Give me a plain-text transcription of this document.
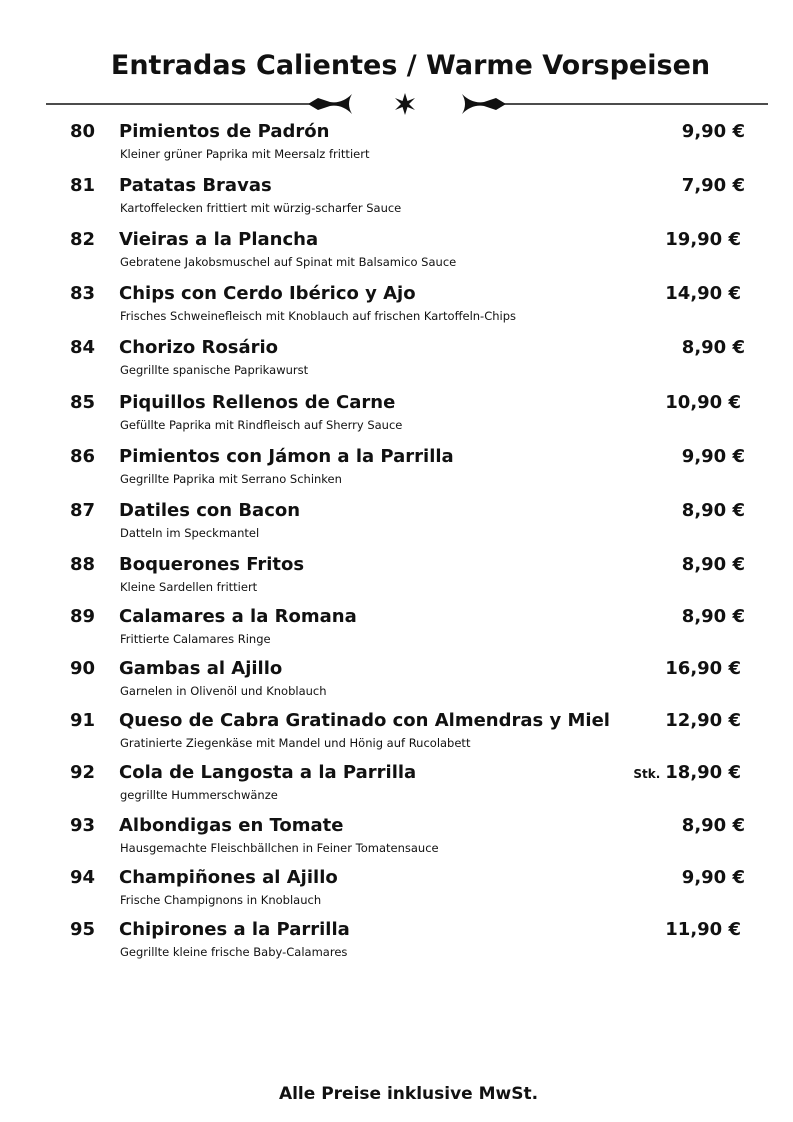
Entradas Calientes / Warme Vorspeisen
80 Pimientos de Padrón
Kleiner grüner Paprika mit Meersalz frittiert
9,90 €
81 Patatas Bravas
Kartoffelecken frittiert mit würzig-scharfer Sauce
7,90 €
82 Vieiras a la Plancha
Gebratene Jakobsmuschel auf Spinat mit Balsamico Sauce
19,90 €
83 Chips con Cerdo Ibérico y Ajo
Frisches Schweinefleisch mit Knoblauch auf frischen Kartoffeln-Chips
14,90 €
84 Chorizo Rosário
Gegrillte spanische Paprikawurst
8,90 €
85 Piquillos Rellenos de Carne
Gefüllte Paprika mit Rindfleisch auf Sherry Sauce
10,90 €
86 Pimientos con Jámon a la Parrilla
Gegrillte Paprika mit Serrano Schinken
9,90 €
87 Datiles con Bacon
Datteln im Speckmantel
8,90 €
88 Boquerones Fritos
Kleine Sardellen frittiert
8,90 €
89 Calamares a la Romana
Frittierte Calamares Ringe
8,90 €
90 Gambas al Ajillo
Garnelen in Olivenöl und Knoblauch
16,90 €
91 Queso de Cabra Gratinado con Almendras y Miel
Gratinierte Ziegenkäse mit Mandel und Hönig auf Rucolabett
12,90 €
92 Cola de Langosta a la Parrilla
gegrillte Hummerschwänze
Stk. 18,90 €
93 Albondigas en Tomate
Hausgemachte Fleischbällchen in Feiner Tomatensauce
8,90 €
94 Champiñones al Ajillo
Frische Champignons in Knoblauch
9,90 €
95 Chipirones a la Parrilla
Gegrillte kleine frische Baby-Calamares
11,90 €
Alle Preise inklusive MwSt.
